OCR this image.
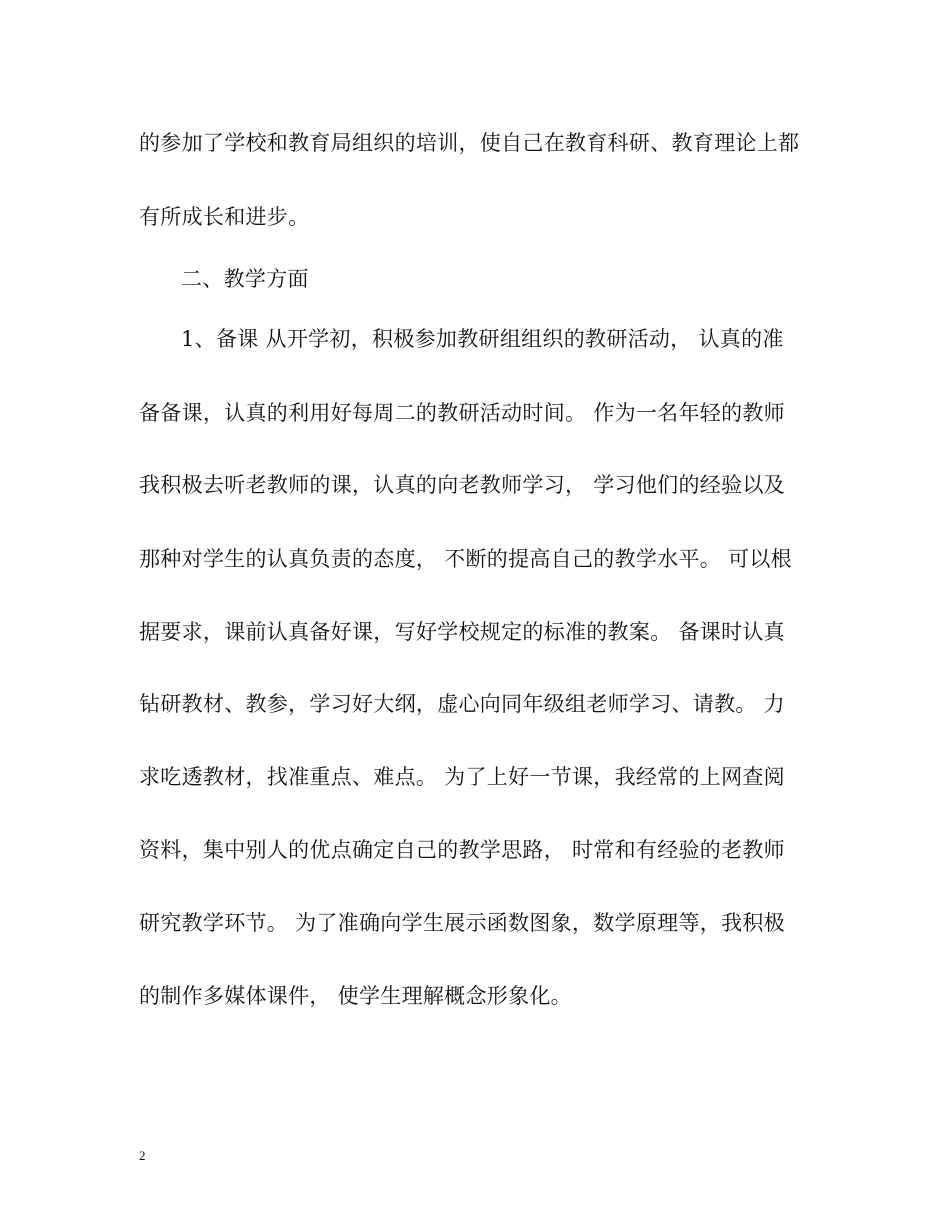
的参加了学校和教育局组织的培训，使自己在教育科研、教育理论上都
有所成长和进步。
二、教学方面
1、备课 从开学初，积极参加教研组组织的教研活动， 认真的准
备备课，认真的利用好每周二的教研活动时间。 作为一名年轻的教师
我积极去听老教师的课，认真的向老教师学习， 学习他们的经验以及
那种对学生的认真负责的态度， 不断的提高自己的教学水平。 可以根
据要求，课前认真备好课，写好学校规定的标准的教案。 备课时认真
钻研教材、教参，学习好大纲，虚心向同年级组老师学习、请教。 力
求吃透教材，找准重点、难点。 为了上好一节课，我经常的上网查阅
资料，集中别人的优点确定自己的教学思路， 时常和有经验的老教师
研究教学环节。 为了准确向学生展示函数图象，数学原理等，我积极
的制作多媒体课件， 使学生理解概念形象化。
2
